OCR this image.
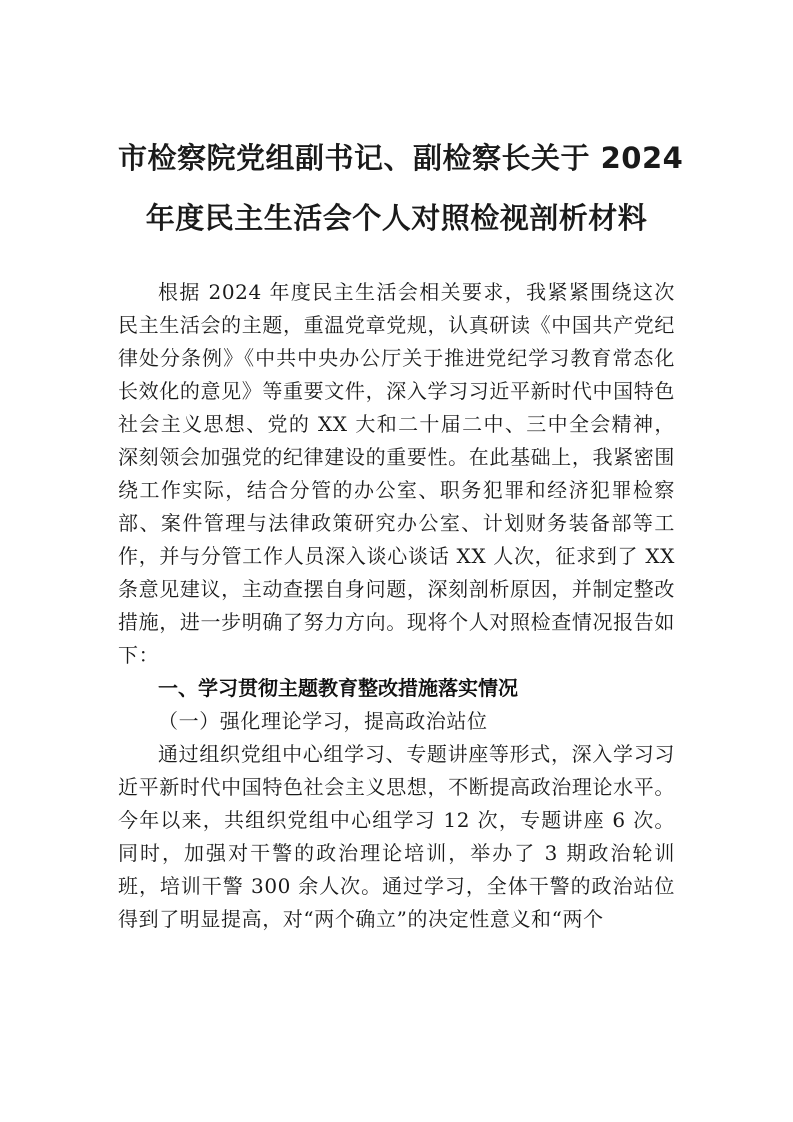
市检察院党组副书记、副检察长关于 2024
年度民主生活会个人对照检视剖析材料

根据 2024 年度民主生活会相关要求，我紧紧围绕这次民主生活会的主题，重温党章党规，认真研读《中国共产党纪律处分条例》《中共中央办公厅关于推进党纪学习教育常态化长效化的意见》等重要文件，深入学习习近平新时代中国特色社会主义思想、党的 XX 大和二十届二中、三中全会精神，深刻领会加强党的纪律建设的重要性。在此基础上，我紧密围绕工作实际，结合分管的办公室、职务犯罪和经济犯罪检察部、案件管理与法律政策研究办公室、计划财务装备部等工作，并与分管工作人员深入谈心谈话 XX 人次，征求到了 XX 条意见建议，主动查摆自身问题，深刻剖析原因，并制定整改措施，进一步明确了努力方向。现将个人对照检查情况报告如下：

一、学习贯彻主题教育整改措施落实情况

（一）强化理论学习，提高政治站位

通过组织党组中心组学习、专题讲座等形式，深入学习习近平新时代中国特色社会主义思想，不断提高政治理论水平。今年以来，共组织党组中心组学习 12 次，专题讲座 6 次。同时，加强对干警的政治理论培训，举办了 3 期政治轮训班，培训干警 300 余人次。通过学习，全体干警的政治站位得到了明显提高，对“两个确立”的决定性意义和“两个
